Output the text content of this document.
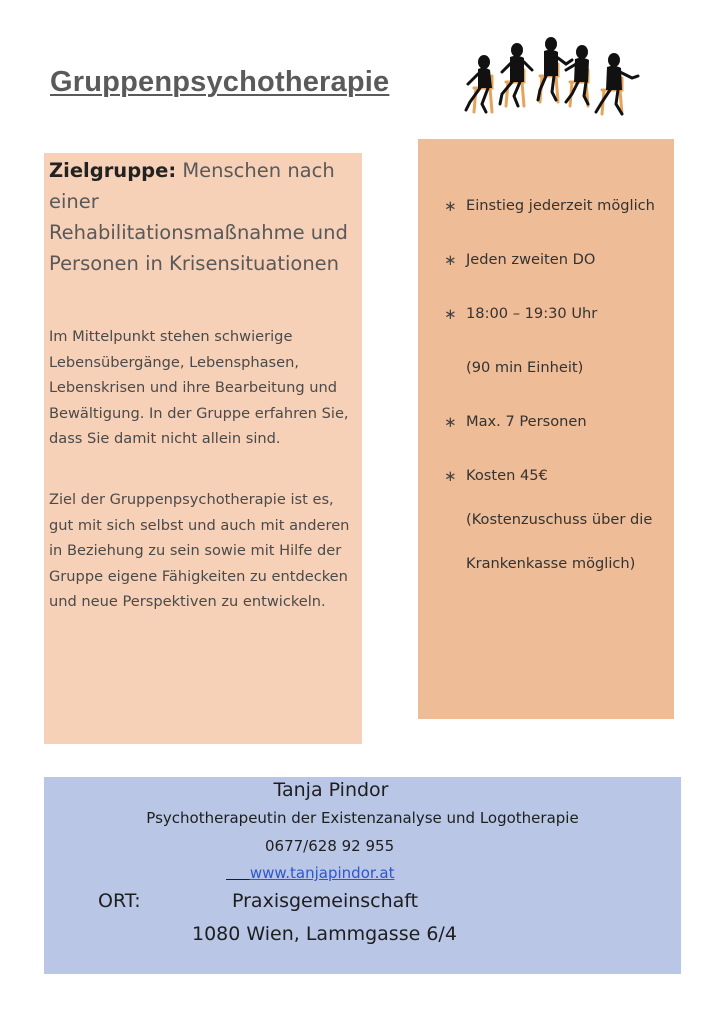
Gruppenpsychotherapie
Zielgruppe: Menschen nach
einer
Rehabilitationsmaßnahme und
Personen in Krisensituationen

Im Mittelpunkt stehen schwierige Lebensübergänge, Lebensphasen, Lebenskrisen und ihre Bearbeitung und Bewältigung. In der Gruppe erfahren Sie, dass Sie damit nicht allein sind.

Ziel der Gruppenpsychotherapie ist es, gut mit sich selbst und auch mit anderen in Beziehung zu sein sowie mit Hilfe der Gruppe eigene Fähigkeiten zu entdecken und neue Perspektiven zu entwickeln.

∗ Einstieg jederzeit möglich
∗ Jeden zweiten DO
∗ 18:00 – 19:30 Uhr
(90 min Einheit)
∗ Max. 7 Personen
∗ Kosten 45€
(Kostenzuschuss über die
Krankenkasse möglich)
Tanja Pindor
Psychotherapeutin der Existenzanalyse und Logotherapie
0677/628 92 955
www.tanjapindor.at
ORT:	Praxisgemeinschaft
1080 Wien, Lammgasse 6/4
